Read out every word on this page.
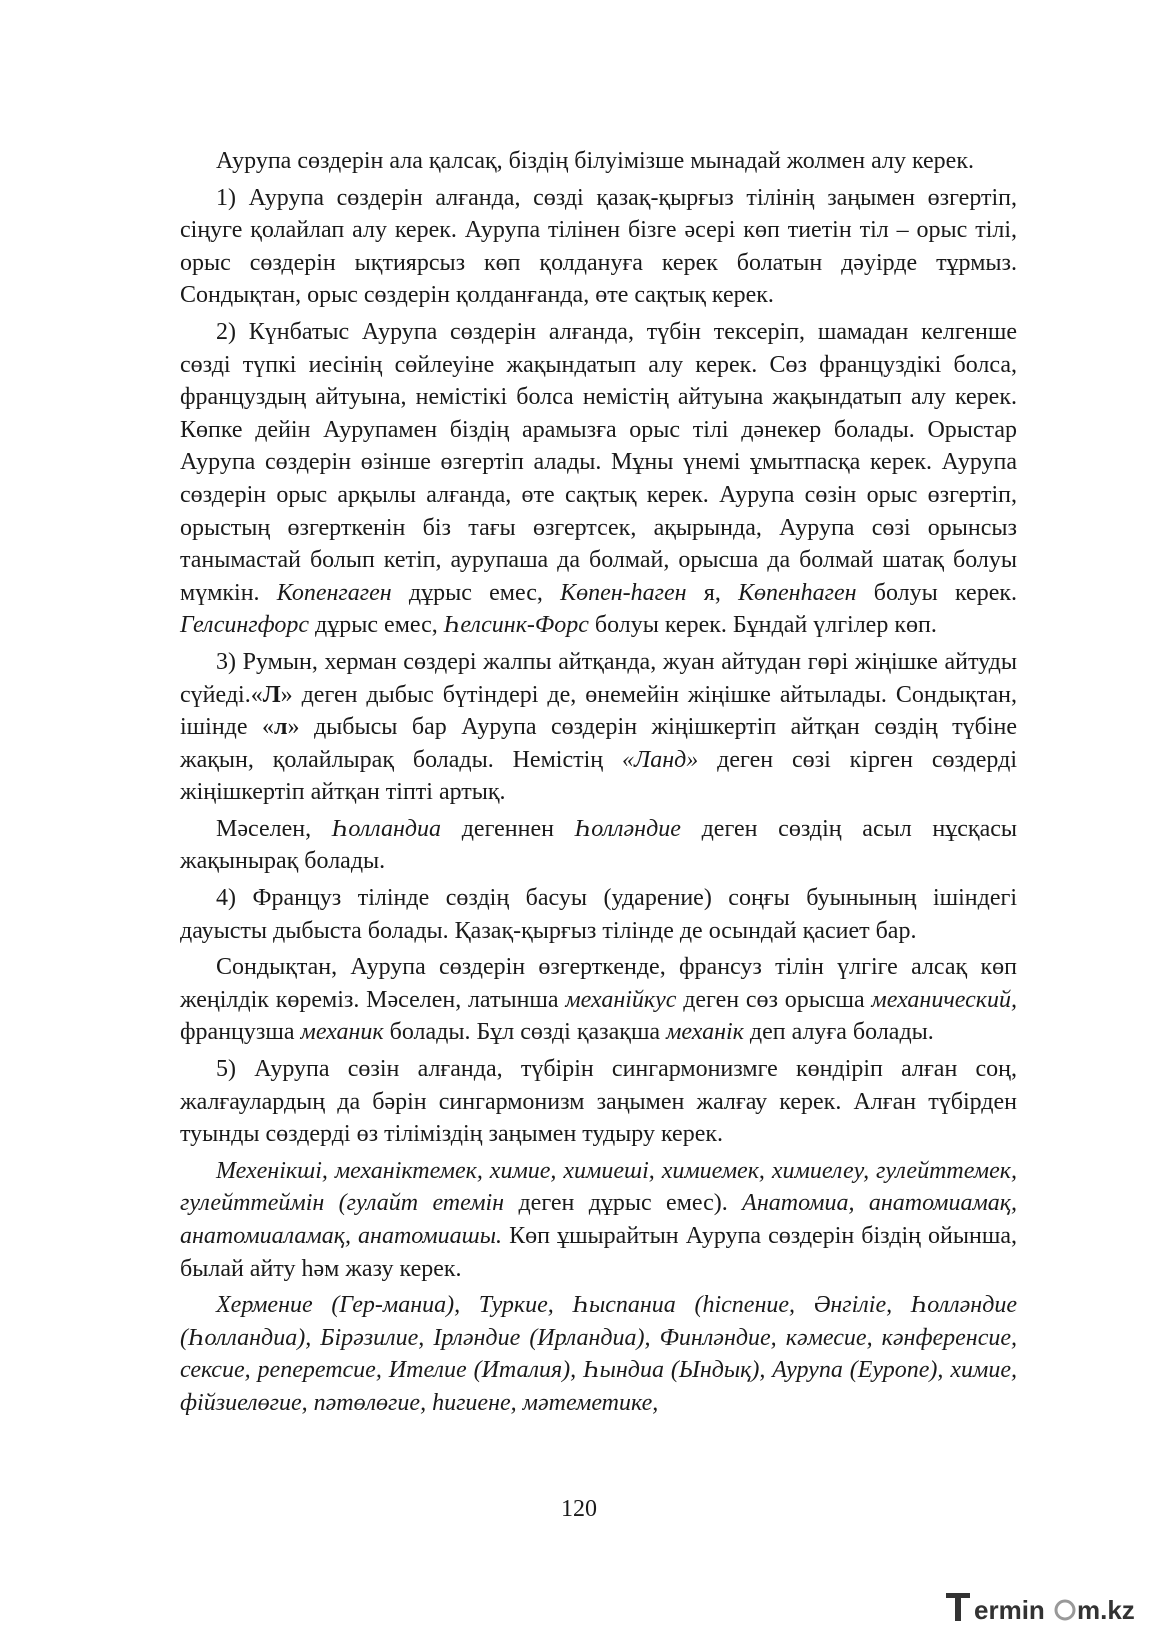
Аурупа сөздерін ала қалсақ, біздің білуімізше мынадай жолмен алу керек.

1) Аурупа сөздерін алғанда, сөзді қазақ-қырғыз тілінің заңымен өзгертіп, сіңуге қолайлап алу керек. Аурупа тілінен бізге әсері көп тиетін тіл – орыс тілі, орыс сөздерін ықтиярсыз көп қолдануға керек болатын дәуірде тұрмыз. Сондықтан, орыс сөздерін қолданғанда, өте сақтық керек.

2) Күнбатыс Аурупа сөздерін алғанда, түбін тексеріп, шамадан келгенше сөзді түпкі иесінің сөйлеуіне жақындатып алу керек. Сөз француздікі болса, француздың айтуына, немістікі болса немістің айтуына жақындатып алу керек. Көпке дейін Аурупамен біздің арамызға орыс тілі дәнекер болады. Орыстар Аурупа сөздерін өзінше өзгертіп алады. Мұны үнемі ұмытпасқа керек. Аурупа сөздерін орыс арқылы алғанда, өте сақтық керек. Аурупа сөзін орыс өзгертіп, орыстың өзгерткенін біз тағы өзгертсек, ақырында, Аурупа сөзі орынсыз танымастай болып кетіп, аурупаша да болмай, орысша да болмай шатақ болуы мүмкін. Копенгаген дұрыс емес, Көпен-һаген я, Көпенһаген болуы керек. Гелсингфорс дұрыс емес, Һелсинк-Форс болуы керек. Бұндай үлгілер көп.

3) Румын, херман сөздері жалпы айтқанда, жуан айтудан гөрі жіңішке айтуды сүйеді.«Л» деген дыбыс бүтіндері де, өнемейін жіңішке айтылады. Сондықтан, ішінде «л» дыбысы бар Аурупа сөздерін жіңішкертіп айтқан сөздің түбіне жақын, қолайлырақ болады. Немістің «Ланд» деген сөзі кірген сөздерді жіңішкертіп айтқан тіпті артық.

Мәселен, Һолландиа дегеннен Һолләндие деген сөздің асыл нұсқасы жақынырақ болады.

4) Француз тілінде сөздің басуы (ударение) соңғы буынының ішіндегі дауысты дыбыста болады. Қазақ-қырғыз тілінде де осындай қасиет бар.

Сондықтан, Аурупа сөздерін өзгерткенде, франсуз тілін үлгіге алсақ көп жеңілдік көреміз. Мәселен, латынша механійкус деген сөз орысша механический, французша механик болады. Бұл сөзді қазақша механік деп алуға болады.

5) Аурупа сөзін алғанда, түбірін сингармонизмге көндіріп алған соң, жалғаулардың да бәрін сингармонизм заңымен жалғау керек. Алған түбірден туынды сөздерді өз тіліміздің заңымен тудыру керек.

Мехенікші, механіктемек, химие, химиеші, химиемек, химиелеу, гулейттемек, гулейттеймін (гулайт етемін деген дұрыс емес). Анатомиа, анатомиамақ, анатомиаламақ, анатомиашы. Көп ұшырайтын Аурупа сөздерін біздің ойынша, былай айту һәм жазу керек.

Хермение (Гер-маниа), Туркие, Һыспаниа (һіспение, Әнгіліе, Һолләндие (Һолландиа), Бірәзилие, Ірләндие (Ирландиа), Финләндие, кәмесие, кәнференсие, сексие, реперетсие, Ителие (Италия), Һындиа (Ындық), Аурупа (Еуропе), химие, фійзиелөгие, пәтөлөгие, һигиене, мәтеметике,

120
ermin m.kz
